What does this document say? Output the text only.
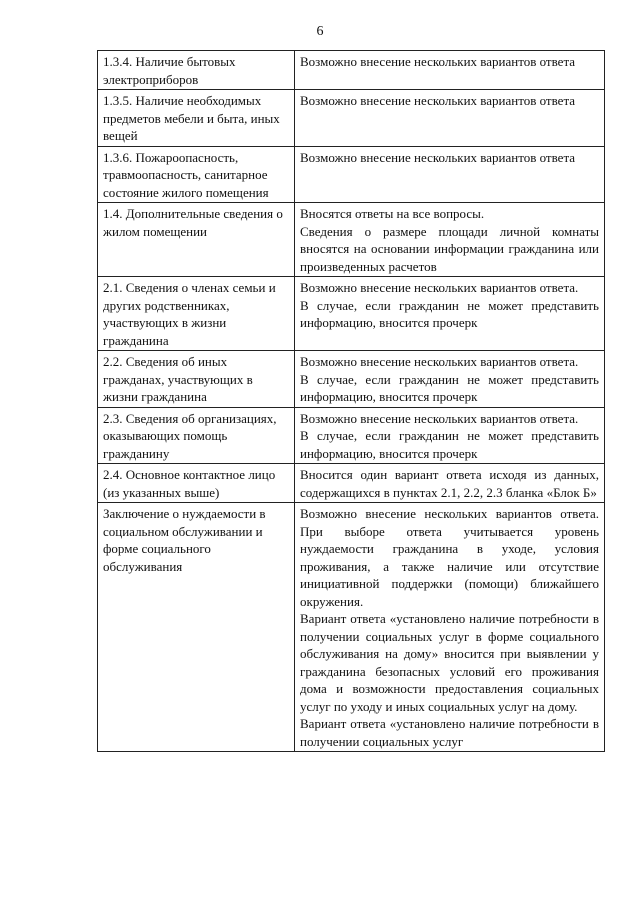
6
1.3.4. Наличие бытовых электроприборов	Возможно внесение нескольких вариантов ответа

1.3.5. Наличие необходимых предметов мебели и быта, иных вещей	Возможно внесение нескольких вариантов ответа

1.3.6. Пожароопасность, травмоопасность, санитарное состояние жилого помещения	Возможно внесение нескольких вариантов ответа

1.4. Дополнительные сведения о жилом помещении	Вносятся ответы на все вопросы.

Сведения о размере площади личной комнаты вносятся на основании информации гражданина или произведенных расчетов

2.1. Сведения о членах семьи и других родственниках, участвующих в жизни гражданина	Возможно внесение нескольких вариантов ответа.

В случае, если гражданин не может представить информацию, вносится прочерк

2.2. Сведения об иных гражданах, участвующих в жизни гражданина	Возможно внесение нескольких вариантов ответа.

В случае, если гражданин не может представить информацию, вносится прочерк

2.3. Сведения об организациях, оказывающих помощь гражданину	Возможно внесение нескольких вариантов ответа.

В случае, если гражданин не может представить информацию, вносится прочерк

2.4. Основное контактное лицо (из указанных выше)	Вносится один вариант ответа исходя из данных, содержащихся в пунктах 2.1, 2.2, 2.3 бланка «Блок Б»

Заключение о нуждаемости в социальном обслуживании и форме социального обслуживания	Возможно внесение нескольких вариантов ответа. При выборе ответа учитывается уровень нуждаемости гражданина в уходе, условия проживания, а также наличие или отсутствие инициативной поддержки (помощи) ближайшего окружения.

Вариант ответа «установлено наличие потребности в получении социальных услуг в форме социального обслуживания на дому» вносится при выявлении у гражданина безопасных условий его проживания дома и возможности предоставления социальных услуг по уходу и иных социальных услуг на дому.

Вариант ответа «установлено наличие потребности в получении социальных услуг
